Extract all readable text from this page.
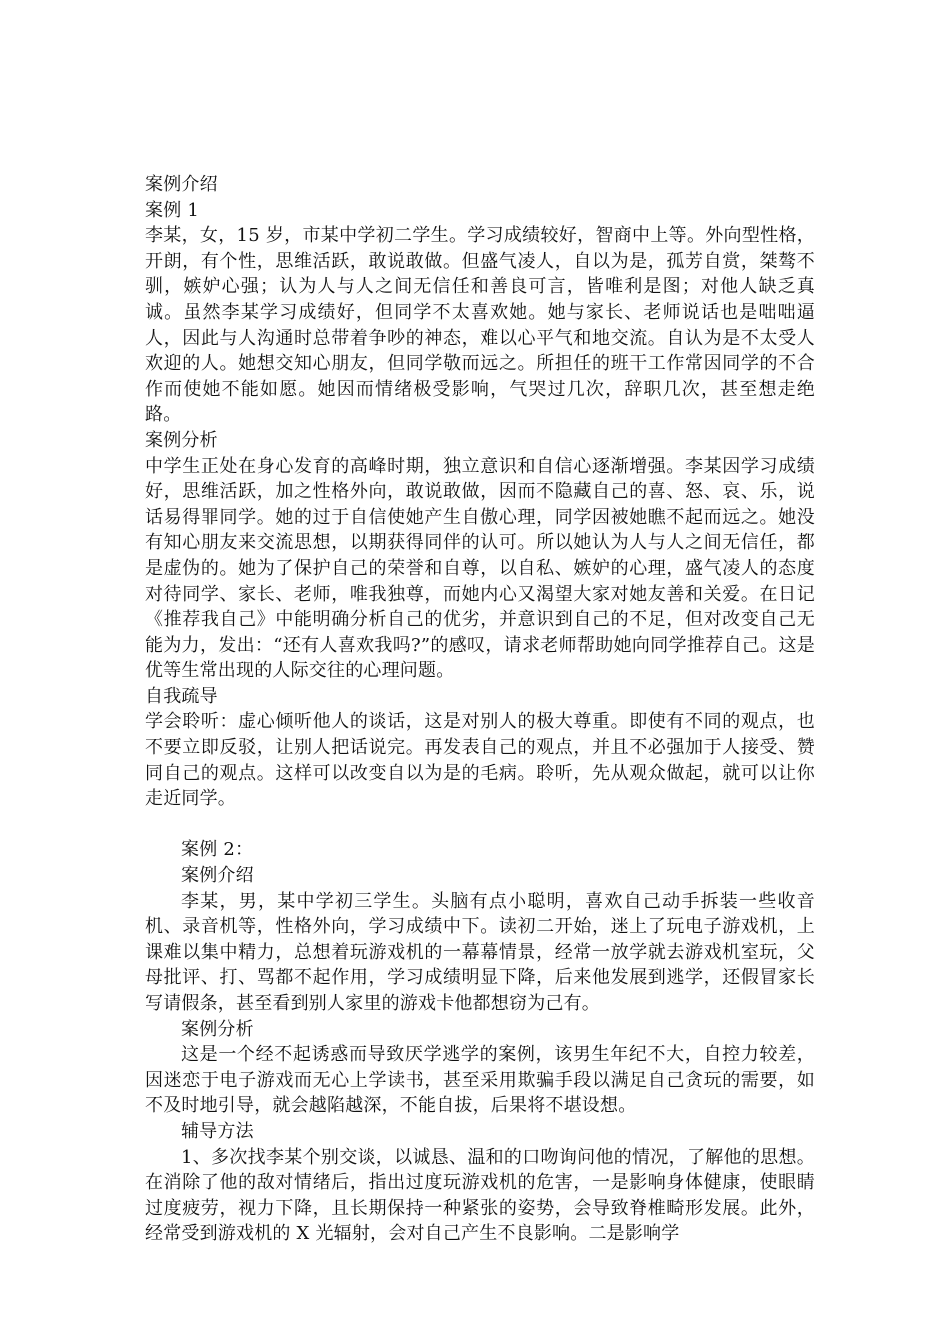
案例介绍
案例 1

李某，女，15 岁，市某中学初二学生。学习成绩较好，智商中上等。外向型性格，开朗，有个性，思维活跃，敢说敢做。但盛气凌人，自以为是，孤芳自赏，桀骜不驯，嫉妒心强；认为人与人之间无信任和善良可言，皆唯利是图；对他人缺乏真诚。虽然李某学习成绩好，但同学不太喜欢她。她与家长、老师说话也是咄咄逼人，因此与人沟通时总带着争吵的神态，难以心平气和地交流。自认为是不太受人欢迎的人。她想交知心朋友，但同学敬而远之。所担任的班干工作常因同学的不合作而使她不能如愿。她因而情绪极受影响，气哭过几次，辞职几次，甚至想走绝路。

案例分析

中学生正处在身心发育的高峰时期，独立意识和自信心逐渐增强。李某因学习成绩好，思维活跃，加之性格外向，敢说敢做，因而不隐藏自己的喜、怒、哀、乐，说话易得罪同学。她的过于自信使她产生自傲心理，同学因被她瞧不起而远之。她没有知心朋友来交流思想，以期获得同伴的认可。所以她认为人与人之间无信任，都是虚伪的。她为了保护自己的荣誉和自尊，以自私、嫉妒的心理，盛气凌人的态度对待同学、家长、老师，唯我独尊，而她内心又渴望大家对她友善和关爱。在日记《推荐我自己》中能明确分析自己的优劣，并意识到自己的不足，但对改变自己无能为力，发出：“还有人喜欢我吗?”的感叹，请求老师帮助她向同学推荐自己。这是优等生常出现的人际交往的心理问题。

自我疏导

学会聆听：虚心倾听他人的谈话，这是对别人的极大尊重。即使有不同的观点，也不要立即反驳，让别人把话说完。再发表自己的观点，并且不必强加于人接受、赞同自己的观点。这样可以改变自以为是的毛病。聆听，先从观众做起，就可以让你走近同学。

案例 2：
案例介绍

李某，男，某中学初三学生。头脑有点小聪明，喜欢自己动手拆装一些收音机、录音机等，性格外向，学习成绩中下。读初二开始，迷上了玩电子游戏机，上课难以集中精力，总想着玩游戏机的一幕幕情景，经常一放学就去游戏机室玩，父母批评、打、骂都不起作用，学习成绩明显下降，后来他发展到逃学，还假冒家长写请假条，甚至看到别人家里的游戏卡他都想窃为己有。

案例分析

这是一个经不起诱惑而导致厌学逃学的案例，该男生年纪不大，自控力较差，因迷恋于电子游戏而无心上学读书，甚至采用欺骗手段以满足自己贪玩的需要，如不及时地引导，就会越陷越深，不能自拔，后果将不堪设想。

辅导方法

1、多次找李某个别交谈，以诚恳、温和的口吻询问他的情况，了解他的思想。在消除了他的敌对情绪后，指出过度玩游戏机的危害，一是影响身体健康，使眼睛过度疲劳，视力下降，且长期保持一种紧张的姿势，会导致脊椎畸形发展。此外，经常受到游戏机的 X 光辐射，会对自己产生不良影响。二是影响学
